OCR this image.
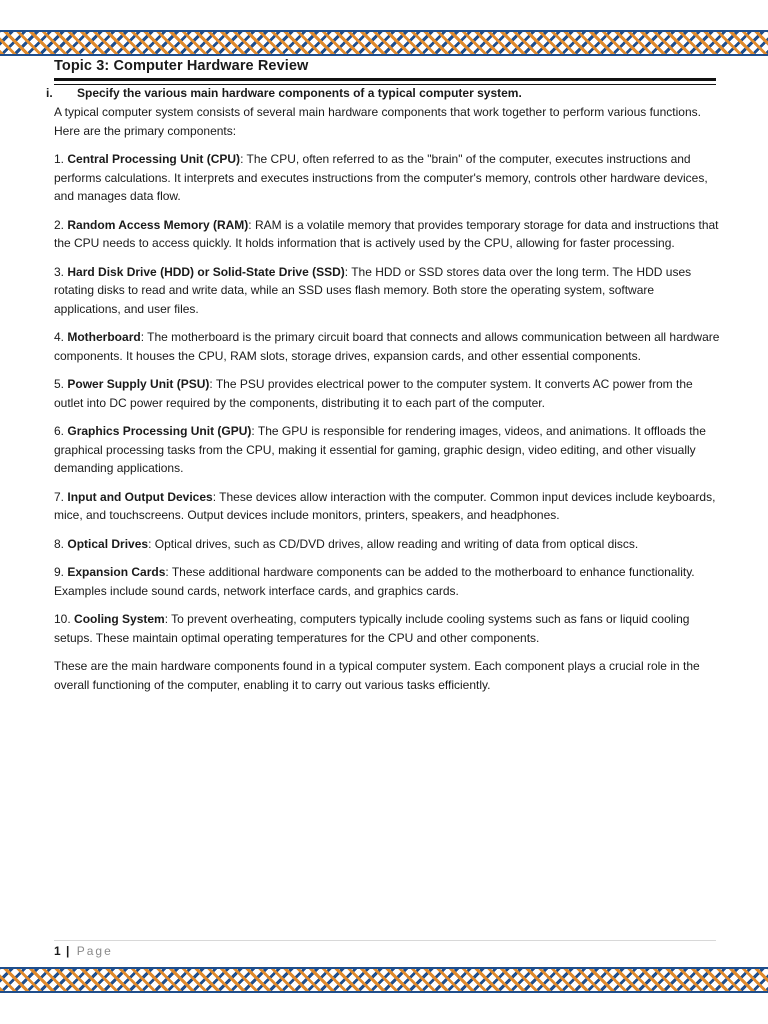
Topic 3: Computer Hardware Review
i. Specify the various main hardware components of a typical computer system.

A typical computer system consists of several main hardware components that work together to perform various functions. Here are the primary components:

1. Central Processing Unit (CPU): The CPU, often referred to as the "brain" of the computer, executes instructions and performs calculations. It interprets and executes instructions from the computer's memory, controls other hardware devices, and manages data flow.

2. Random Access Memory (RAM): RAM is a volatile memory that provides temporary storage for data and instructions that the CPU needs to access quickly. It holds information that is actively used by the CPU, allowing for faster processing.

3. Hard Disk Drive (HDD) or Solid-State Drive (SSD): The HDD or SSD stores data over the long term. The HDD uses rotating disks to read and write data, while an SSD uses flash memory. Both store the operating system, software applications, and user files.

4. Motherboard: The motherboard is the primary circuit board that connects and allows communication between all hardware components. It houses the CPU, RAM slots, storage drives, expansion cards, and other essential components.

5. Power Supply Unit (PSU): The PSU provides electrical power to the computer system. It converts AC power from the outlet into DC power required by the components, distributing it to each part of the computer.

6. Graphics Processing Unit (GPU): The GPU is responsible for rendering images, videos, and animations. It offloads the graphical processing tasks from the CPU, making it essential for gaming, graphic design, video editing, and other visually demanding applications.

7. Input and Output Devices: These devices allow interaction with the computer. Common input devices include keyboards, mice, and touchscreens. Output devices include monitors, printers, speakers, and headphones.

8. Optical Drives: Optical drives, such as CD/DVD drives, allow reading and writing of data from optical discs.

9. Expansion Cards: These additional hardware components can be added to the motherboard to enhance functionality. Examples include sound cards, network interface cards, and graphics cards.

10. Cooling System: To prevent overheating, computers typically include cooling systems such as fans or liquid cooling setups. These maintain optimal operating temperatures for the CPU and other components.

These are the main hardware components found in a typical computer system. Each component plays a crucial role in the overall functioning of the computer, enabling it to carry out various tasks efficiently.

1 | Page
